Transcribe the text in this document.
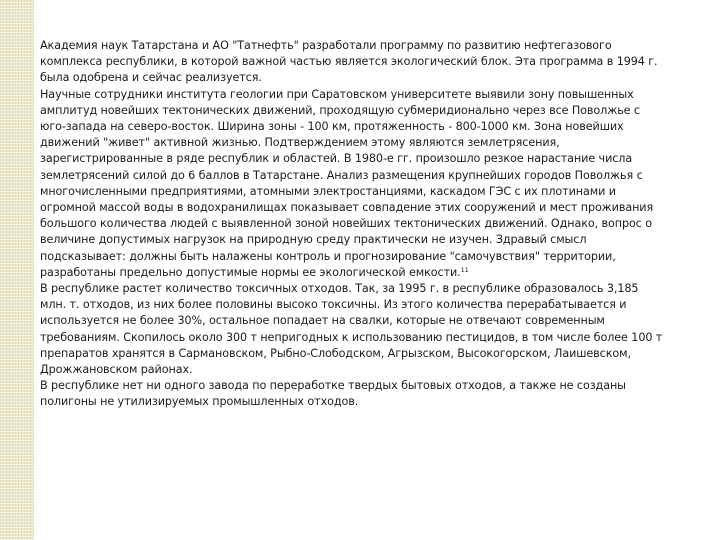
Академия наук Татарстана и АО "Татнефть" разработали программу по развитию нефтегазового комплекса республики, в которой важной частью является экологический блок. Эта программа в 1994 г. была одобрена и сейчас реализуется.

Научные сотрудники института геологии при Саратовском университете выявили зону повышенных амплитуд новейших тектонических движений, проходящую субмеридионально через все Поволжье с юго-запада на северо-восток. Ширина зоны - 100 км, протяженность - 800-1000 км. Зона новейших движений "живет" активной жизнью. Подтверждением этому являются землетрясения, зарегистрированные в ряде республик и областей. В 1980-е гг. произошло резкое нарастание числа землетрясений силой до 6 баллов в Татарстане. Анализ размещения крупнейших городов Поволжья с многочисленными предприятиями, атомными электростанциями, каскадом ГЭС с их плотинами и огромной массой воды в водохранилищах показывает совпадение этих сооружений и мест проживания большого количества людей с выявленной зоной новейших тектонических движений. Однако, вопрос о величине допустимых нагрузок на природную среду практически не изучен. Здравый смысл подсказывает: должны быть налажены контроль и прогнозирование "самочувствия" территории, разработаны предельно допустимые нормы ее экологической емкости.$^{11}$

В республике растет количество токсичных отходов. Так, за 1995 г. в республике образовалось 3,185 млн. т. отходов, из них более половины высоко токсичны. Из этого количества перерабатывается и используется не более 30%, остальное попадает на свалки, которые не отвечают современным требованиям. Скопилось около 300 т непригодных к использованию пестицидов, в том числе более 100 т препаратов хранятся в Сармановском, Рыбно-Слободском, Агрызском, Высокогорском, Лаишевском, Дрожжановском районах.

В республике нет ни одного завода по переработке твердых бытовых отходов, а также не созданы полигоны не утилизируемых промышленных отходов.
